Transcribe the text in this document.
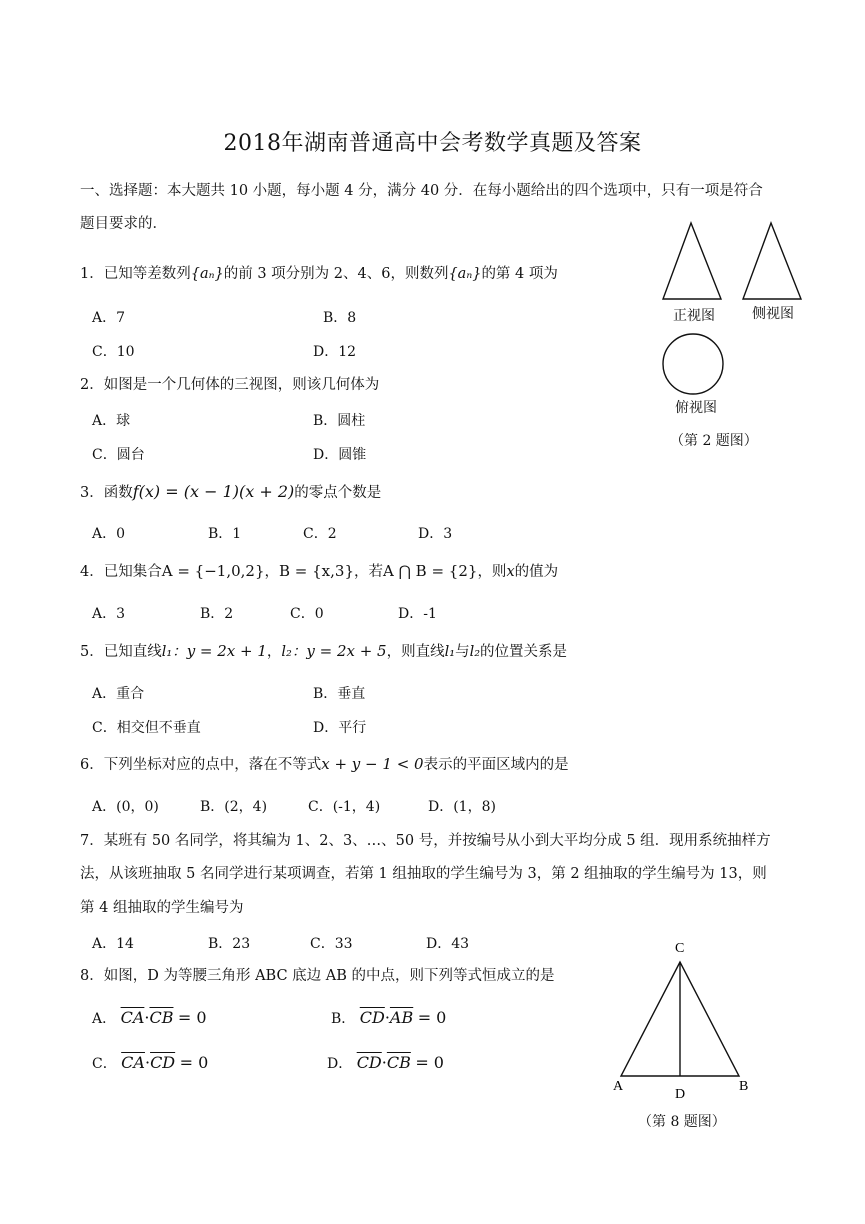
2018年湖南普通高中会考数学真题及答案
一、选择题：本大题共 10 小题，每小题 4 分，满分 40 分．在每小题给出的四个选项中，只有一项是符合
题目要求的．
正视图	侧视图
俯视图
（第 2 题图）
1．已知等差数列{aₙ}的前 3 项分别为 2、4、6，则数列{aₙ}的第 4 项为
A．7	B．8
C．10	D．12
2．如图是一个几何体的三视图，则该几何体为
A．球	B．圆柱
C．圆台	D．圆锥
3．函数f(x) = (x − 1)(x + 2)的零点个数是
A．0	B．1	C．2	D．3
4．已知集合A = {−1,0,2}，B = {x,3}，若A ⋂ B = {2}，则x的值为
A．3	B．2	C．0	D．-1
5．已知直线l₁：y = 2x + 1，l₂：y = 2x + 5，则直线l₁与l₂的位置关系是
A．重合	B．垂直
C．相交但不垂直	D．平行
6．下列坐标对应的点中，落在不等式x + y − 1 < 0表示的平面区域内的是
A．(0，0)	B．(2，4)	C．(-1，4)	D．(1，8)
7．某班有 50 名同学，将其编为 1、2、3、…、50 号，并按编号从小到大平均分成 5 组．现用系统抽样方
法，从该班抽取 5 名同学进行某项调查，若第 1 组抽取的学生编号为 3，第 2 组抽取的学生编号为 13，则
第 4 组抽取的学生编号为
A．14	B．23	C．33	D．43
8．如图，D 为等腰三角形 ABC 底边 AB 的中点，则下列等式恒成立的是
A． $\overline{CA}\cdot\overline{CB} = 0$	B． $\overline{CD}\cdot\overline{AB} = 0$
C． $\overline{CA}\cdot\overline{CD} = 0$	D． $\overline{CD}\cdot\overline{CB} = 0$
C
A
D
B
（第 8 题图）
